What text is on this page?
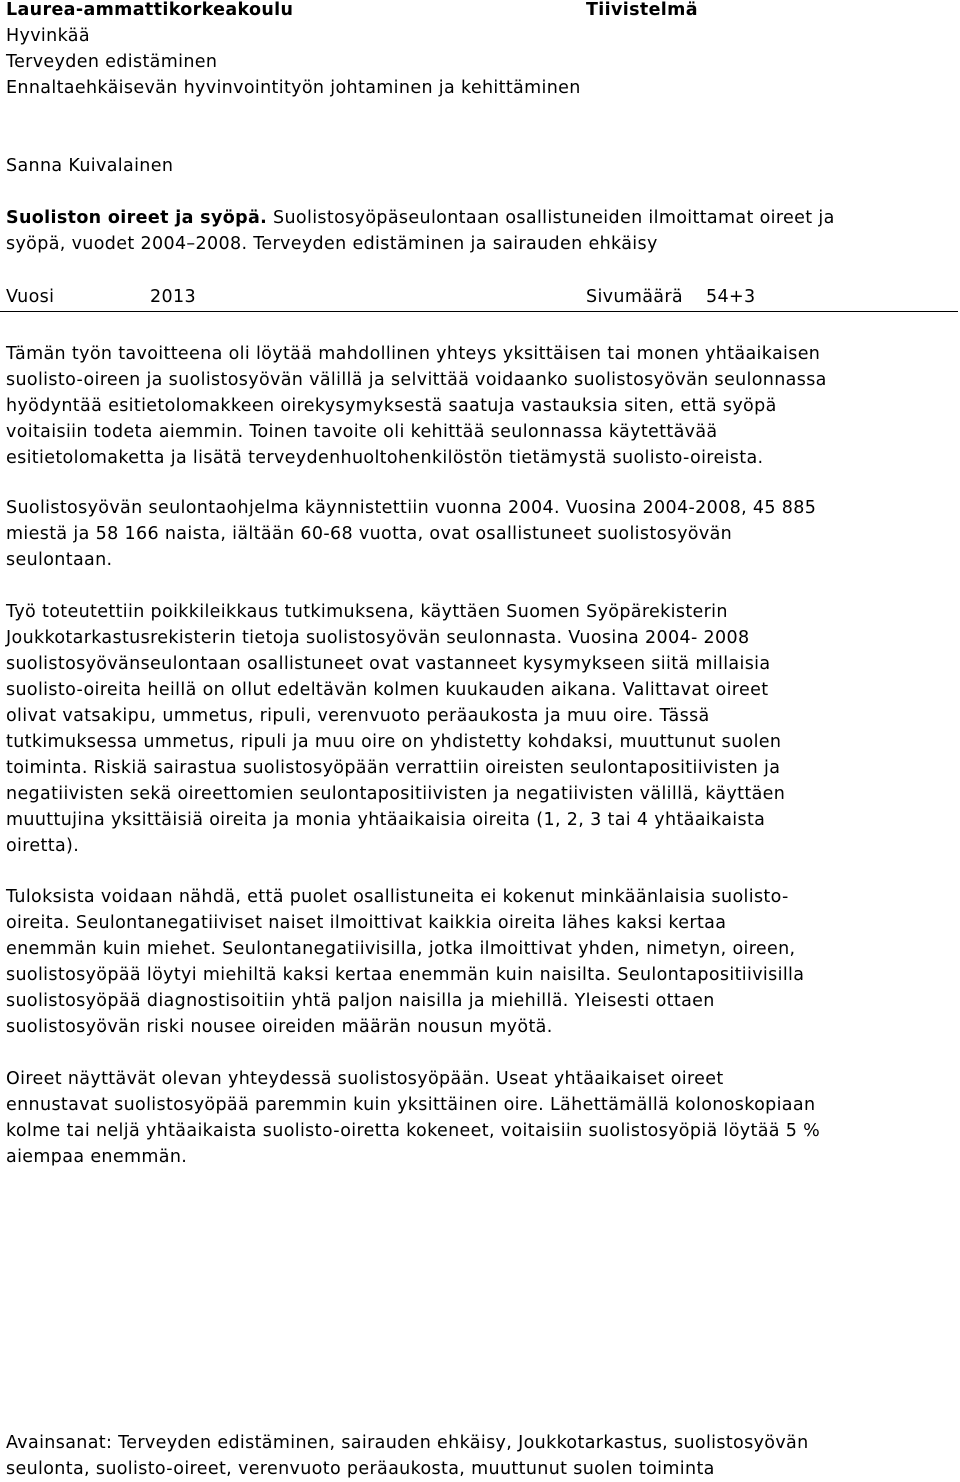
Laurea-ammattikorkeakoulu	Tiivistelmä
Hyvinkää
Terveyden edistäminen
Ennaltaehkäisevän hyvinvointityön johtaminen ja kehittäminen
Sanna Kuivalainen
Suoliston oireet ja syöpä. Suolistosyöpäseulontaan osallistuneiden ilmoittamat oireet ja
syöpä, vuodet 2004–2008. Terveyden edistäminen ja sairauden ehkäisy
Vuosi	2013	Sivumäärä 54+3
Tämän työn tavoitteena oli löytää mahdollinen yhteys yksittäisen tai monen yhtäaikaisen
suolisto-oireen ja suolistosyövän välillä ja selvittää voidaanko suolistosyövän seulonnassa
hyödyntää esitietolomakkeen oirekysymyksestä saatuja vastauksia siten, että syöpä
voitaisiin todeta aiemmin. Toinen tavoite oli kehittää seulonnassa käytettävää
esitietolomaketta ja lisätä terveydenhuoltohenkilöstön tietämystä suolisto-oireista.
Suolistosyövän seulontaohjelma käynnistettiin vuonna 2004. Vuosina 2004-2008, 45 885
miestä ja 58 166 naista, iältään 60-68 vuotta, ovat osallistuneet suolistosyövän
seulontaan.
Työ toteutettiin poikkileikkaus tutkimuksena, käyttäen Suomen Syöpärekisterin
Joukkotarkastusrekisterin tietoja suolistosyövän seulonnasta. Vuosina 2004- 2008
suolistosyövänseulontaan osallistuneet ovat vastanneet kysymykseen siitä millaisia
suolisto-oireita heillä on ollut edeltävän kolmen kuukauden aikana. Valittavat oireet
olivat vatsakipu, ummetus, ripuli, verenvuoto peräaukosta ja muu oire. Tässä
tutkimuksessa ummetus, ripuli ja muu oire on yhdistetty kohdaksi, muuttunut suolen
toiminta. Riskiä sairastua suolistosyöpään verrattiin oireisten seulontapositiivisten ja
negatiivisten sekä oireettomien seulontapositiivisten ja negatiivisten välillä, käyttäen
muuttujina yksittäisiä oireita ja monia yhtäaikaisia oireita (1, 2, 3 tai 4 yhtäaikaista
oiretta).
Tuloksista voidaan nähdä, että puolet osallistuneita ei kokenut minkäänlaisia suolisto-
oireita. Seulontanegatiiviset naiset ilmoittivat kaikkia oireita lähes kaksi kertaa
enemmän kuin miehet. Seulontanegatiivisilla, jotka ilmoittivat yhden, nimetyn, oireen,
suolistosyöpää löytyi miehiltä kaksi kertaa enemmän kuin naisilta. Seulontapositiivisilla
suolistosyöpää diagnostisoitiin yhtä paljon naisilla ja miehillä. Yleisesti ottaen
suolistosyövän riski nousee oireiden määrän nousun myötä.
Oireet näyttävät olevan yhteydessä suolistosyöpään. Useat yhtäaikaiset oireet
ennustavat suolistosyöpää paremmin kuin yksittäinen oire. Lähettämällä kolonoskopiaan
kolme tai neljä yhtäaikaista suolisto-oiretta kokeneet, voitaisiin suolistosyöpiä löytää 5 %
aiempaa enemmän.
Avainsanat: Terveyden edistäminen, sairauden ehkäisy, Joukkotarkastus, suolistosyövän
seulonta, suolisto-oireet, verenvuoto peräaukosta, muuttunut suolen toiminta
